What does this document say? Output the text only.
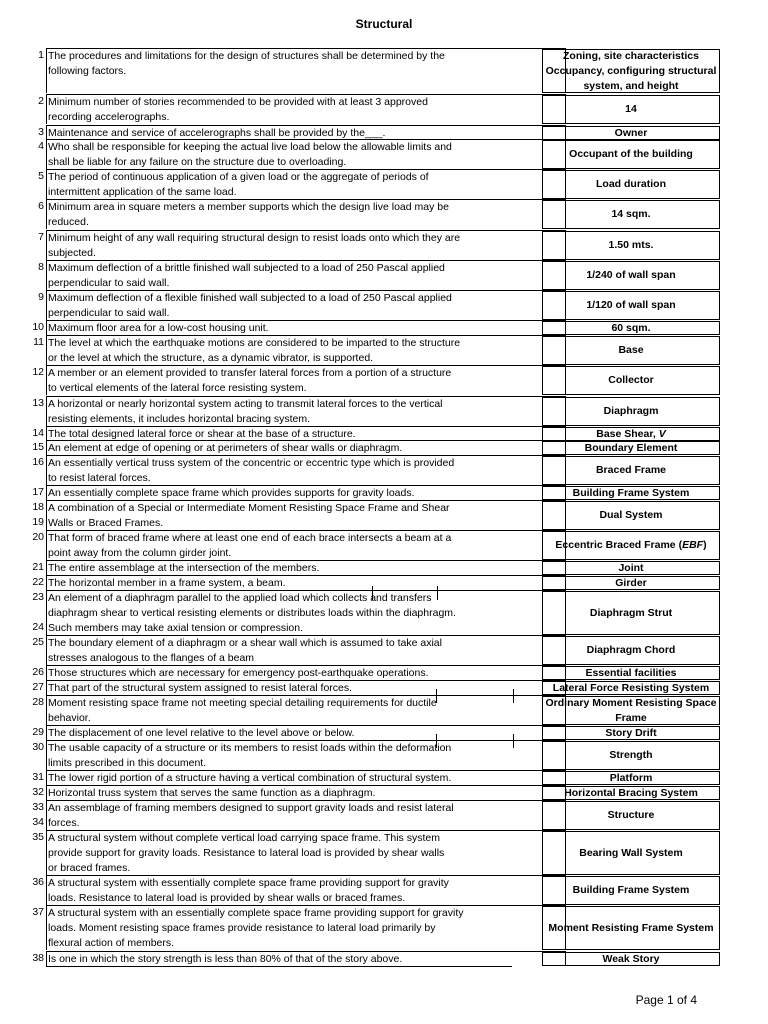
Structural
1 The procedures and limitations for the design of structures shall be determined by the
following factors.
Zoning, site characteristics Occupancy, configuring structural system, and height
2 Minimum number of stories recommended to be provided with at least 3 approved
recording accelerographs.
14
3 Maintenance and service of accelerographs shall be provided by the___.	Owner
4 Who shall be responsible for keeping the actual live load below the allowable limits and
shall be liable for any failure on the structure due to overloading.
Occupant of the building
5 The period of continuous application of a given load or the aggregate of periods of
intermittent application of the same load.
Load duration
6 Minimum area in square meters a member supports which the design live load may be
reduced.
14 sqm.
7 Minimum height of any wall requiring structural design to resist loads onto which they are
subjected.
1.50 mts.
8 Maximum deflection of a brittle finished wall subjected to a load of 250 Pascal applied
perpendicular to said wall.
1/240 of wall span
9 Maximum deflection of a flexible finished wall subjected to a load of 250 Pascal applied
perpendicular to said wall.
1/120 of wall span
10 Maximum floor area for a low-cost housing unit.	60 sqm.
11 The level at which the earthquake motions are considered to be imparted to the structure
or the level at which the structure, as a dynamic vibrator, is supported.
Base
12 A member or an element provided to transfer lateral forces from a portion of a structure
to vertical elements of the lateral force resisting system.
Collector
13 A horizontal or nearly horizontal system acting to transmit lateral forces to the vertical
resisting elements, it includes horizontal bracing system.
Diaphragm
14 The total designed lateral force or shear at the base of a structure.	Base Shear, V
15 An element at edge of opening or at perimeters of shear walls or diaphragm.	Boundary Element
16 An essentially vertical truss system of the concentric or eccentric type which is provided
to resist lateral forces.
Braced Frame
17 An essentially complete space frame which provides supports for gravity loads.	Building Frame System
18
19
A combination of a Special or Intermediate Moment Resisting Space Frame and Shear
Walls or Braced Frames.
Dual System
20 That form of braced frame where at least one end of each brace intersects a beam at a
point away from the column girder joint.
Eccentric Braced Frame (EBF)
21 The entire assemblage at the intersection of the members.	Joint
22 The horizontal member in a frame system, a beam.	Girder
23
24
An element of a diaphragm parallel to the applied load which collects and transfers
diaphragm shear to vertical resisting elements or distributes loads within the diaphragm.
Such members may take axial tension or compression.
Diaphragm Strut
25 The boundary element of a diaphragm or a shear wall which is assumed to take axial
stresses analogous to the flanges of a beam
Diaphragm Chord
26 Those structures which are necessary for emergency post-earthquake operations.	Essential facilities
27 That part of the structural system assigned to resist lateral forces.	Lateral Force Resisting System
28 Moment resisting space frame not meeting special detailing requirements for ductile
behavior.
Ordinary Moment Resisting Space Frame
29 The displacement of one level relative to the level above or below.	Story Drift
30 The usable capacity of a structure or its members to resist loads within the deformation
limits prescribed in this document.
Strength
31 The lower rigid portion of a structure having a vertical combination of structural system.	Platform
32 Horizontal truss system that serves the same function as a diaphragm.	Horizontal Bracing System
33
34
An assemblage of framing members designed to support gravity loads and resist lateral
forces.
Structure
35 A structural system without complete vertical load carrying space frame. This system
provide support for gravity loads. Resistance to lateral load is provided by shear walls
or braced frames.
Bearing Wall System
36 A structural system with essentially complete space frame providing support for gravity
loads. Resistance to lateral load is provided by shear walls or braced frames.
Building Frame System
37 A structural system with an essentially complete space frame providing support for gravity
loads. Moment resisting space frames provide resistance to lateral load primarily by
flexural action of members.
Moment Resisting Frame System
38 Is one in which the story strength is less than 80% of that of the story above.	Weak Story
Page 1 of 4
